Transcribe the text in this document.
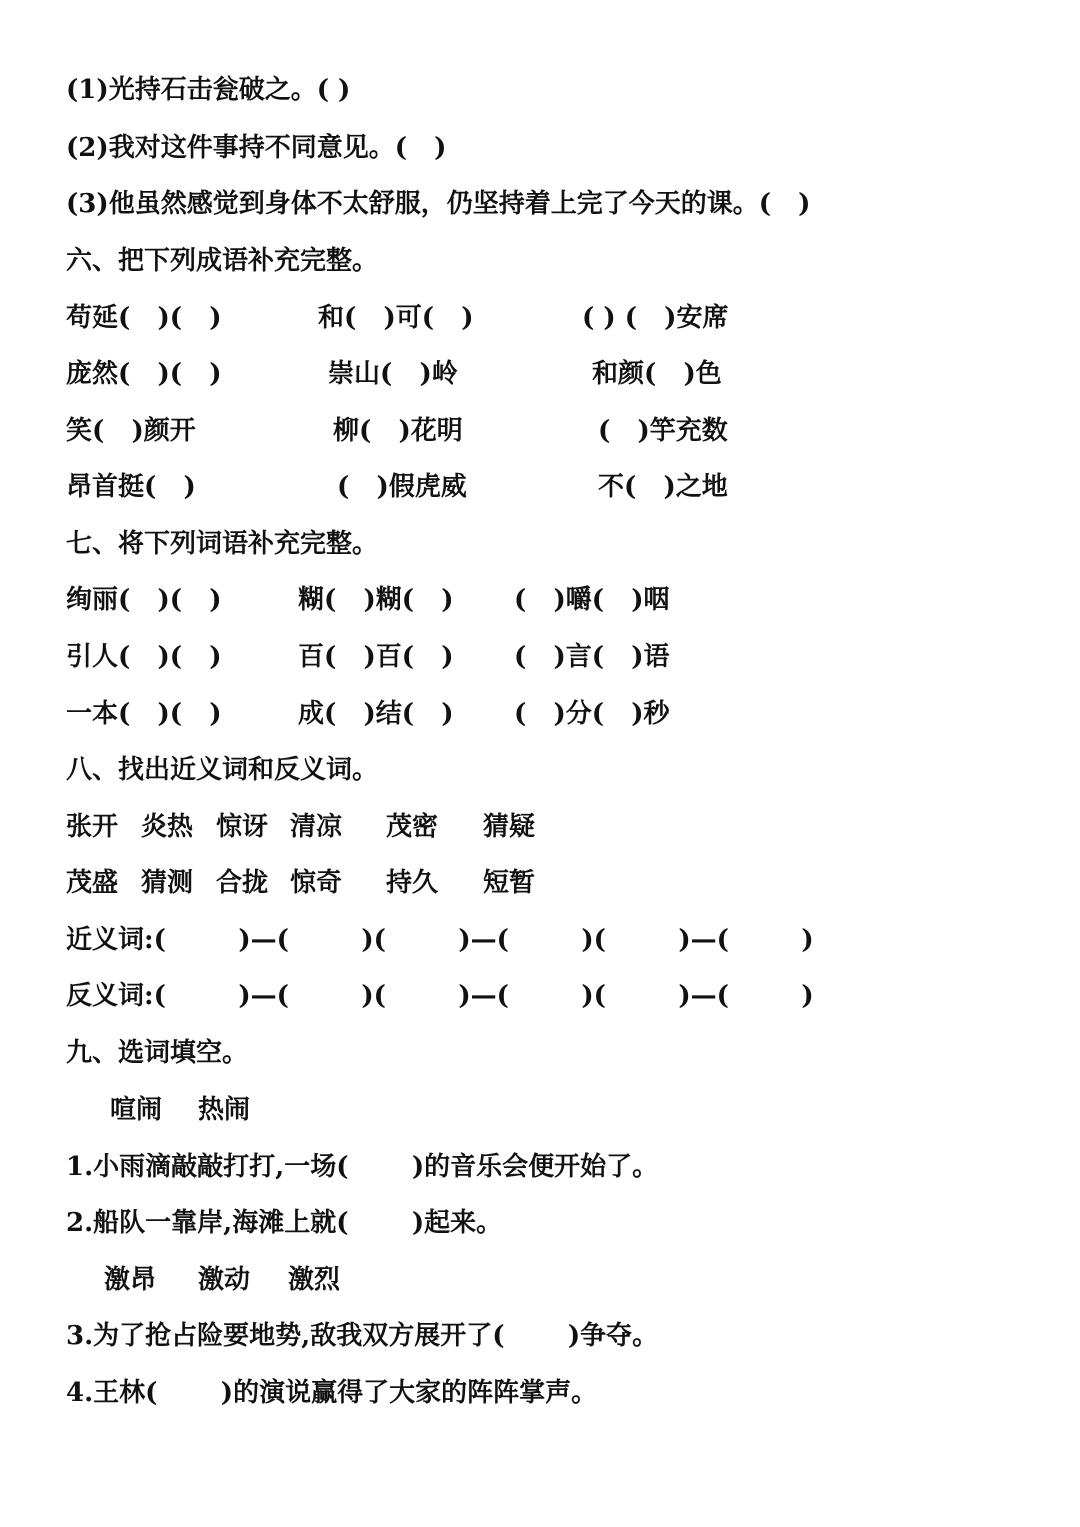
(1)光持石击瓮破之。( )
(2)我对这件事持不同意见。(   )
(3)他虽然感觉到身体不太舒服，仍坚持着上完了今天的课。(   )
六、把下列成语补充完整。
苟延(   )(   )	和(   )可(   )	( ) (   )安席
庞然(   )(   )	崇山(   )岭	和颜(   )色
笑(   )颜开	柳(   )花明	(   )竽充数
昂首挺(   )	(   )假虎威	不(   )之地
七、将下列词语补充完整。
绚丽(   )(   )	糊(   )糊(   ) (   )嚼(   )咽
引人(   )(   )	百(   )百(   ) (   )言(   )语
一本(   )(   )	成(   )结(   ) (   )分(   )秒
八、找出近义词和反义词。
张开 炎热 惊讶 清凉 茂密 猜疑
茂盛 猜测 合拢 惊奇 持久 短暂
近义词:(        )—(        )(        )—(        )(        )—(        )
反义词:(        )—(        )(        )—(        )(        )—(        )
九、选词填空。
喧闹 热闹
1.小雨滴敲敲打打,一场(       )的音乐会便开始了。
2.船队一靠岸,海滩上就(       )起来。
激昂 激动 激烈
3.为了抢占险要地势,敌我双方展开了(       )争夺。
4.王林(       )的演说赢得了大家的阵阵掌声。
